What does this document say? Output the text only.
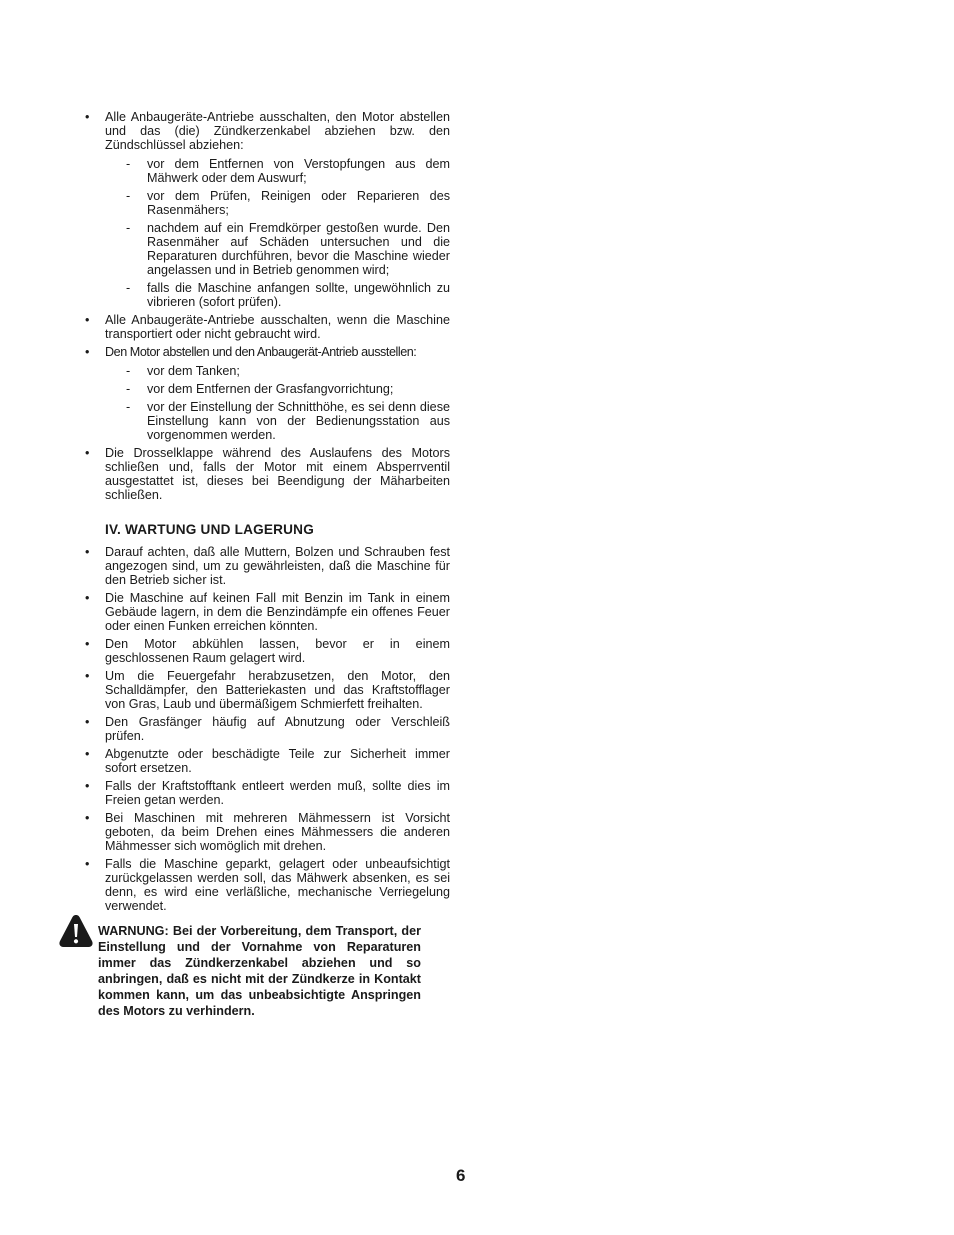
• Alle Anbaugeräte-Antriebe ausschalten, den Motor abstellen und das (die) Zündkerzenkabel abziehen bzw. den Zündschlüssel abziehen:
- vor dem Entfernen von Verstopfungen aus dem Mähwerk oder dem Auswurf;
- vor dem Prüfen, Reinigen oder Reparieren des Rasenmähers;
- nachdem auf ein Fremdkörper gestoßen wurde. Den Rasenmäher auf Schäden untersuchen und die Reparaturen durchführen, bevor die Maschine wieder angelassen und in Betrieb genommen wird;
- falls die Maschine anfangen sollte, ungewöhnlich zu vibrieren (sofort prüfen).
• Alle Anbaugeräte-Antriebe ausschalten, wenn die Maschine transportiert oder nicht gebraucht wird.
• Den Motor abstellen und den Anbaugerät-Antrieb ausstellen:
- vor dem Tanken;
- vor dem Entfernen der Grasfangvorrichtung;
- vor der Einstellung der Schnitthöhe, es sei denn diese Einstellung kann von der Bedienungsstation aus vorgenommen werden.
• Die Drosselklappe während des Auslaufens des Motors schließen und, falls der Motor mit einem Absperrventil ausgestattet ist, dieses bei Beendigung der Mäharbeiten schließen.
IV. WARTUNG UND LAGERUNG
• Darauf achten, daß alle Muttern, Bolzen und Schrauben fest angezogen sind, um zu gewährleisten, daß die Maschine für den Betrieb sicher ist.
• Die Maschine auf keinen Fall mit Benzin im Tank in einem Gebäude lagern, in dem die Benzindämpfe ein offenes Feuer oder einen Funken erreichen könnten.
• Den Motor abkühlen lassen, bevor er in einem geschlossenen Raum gelagert wird.
• Um die Feuergefahr herabzusetzen, den Motor, den Schalldämpfer, den Batteriekasten und das Kraftstofflager von Gras, Laub und übermäßigem Schmierfett freihalten.
• Den Grasfänger häufig auf Abnutzung oder Verschleiß prüfen.
• Abgenutzte oder beschädigte Teile zur Sicherheit immer sofort ersetzen.
• Falls der Kraftstofftank entleert werden muß, sollte dies im Freien getan werden.
• Bei Maschinen mit mehreren Mähmessern ist Vorsicht geboten, da beim Drehen eines Mähmessers die anderen Mähmesser sich womöglich mit drehen.
• Falls die Maschine geparkt, gelagert oder unbeaufsichtigt zurückgelassen werden soll, das Mähwerk absenken, es sei denn, es wird eine verläßliche, mechanische Verriegelung verwendet.
WARNUNG: Bei der Vorbereitung, dem Transport, der Einstellung und der Vornahme von Reparaturen immer das Zündkerzenkabel abziehen und so anbringen, daß es nicht mit der Zündkerze in Kontakt kommen kann, um das unbeabsichtigte Anspringen des Motors zu verhindern.
6
